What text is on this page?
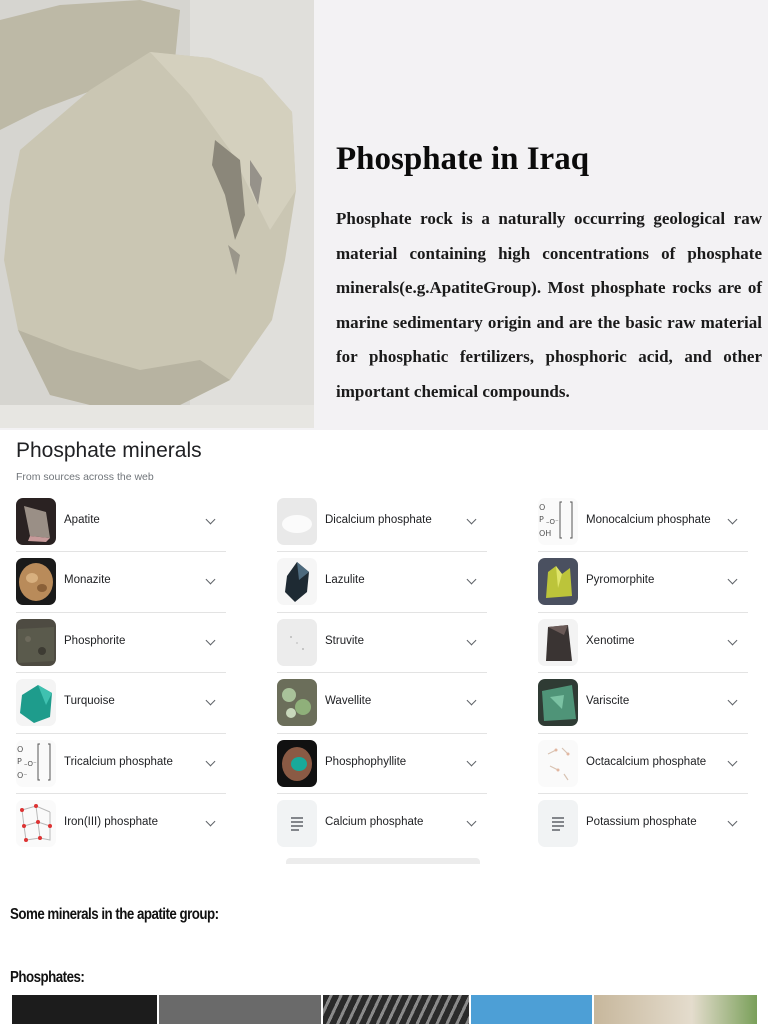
Phosphate in Iraq

Phosphate rock is a naturally occurring geological raw material containing high concentrations of phosphate minerals(e.g.ApatiteGroup). Most phosphate rocks are of marine sedimentary origin and are the basic raw material for phosphatic fertilizers, phosphoric acid, and other important chemical compounds.

Phosphate minerals
From sources across the web
Apatite
Monazite
Phosphorite
Turquoise
O
P –O⁻
O⁻
Tricalcium phosphate
Iron(III) phosphate
Dicalcium phosphate
Lazulite
Struvite
Wavellite
Phosphophyllite
Calcium phosphate
O
P –O⁻
OH
Monocalcium phosphate
Pyromorphite
Xenotime
Variscite
Octacalcium phosphate
Potassium phosphate
Some minerals in the apatite group:
Phosphates:
